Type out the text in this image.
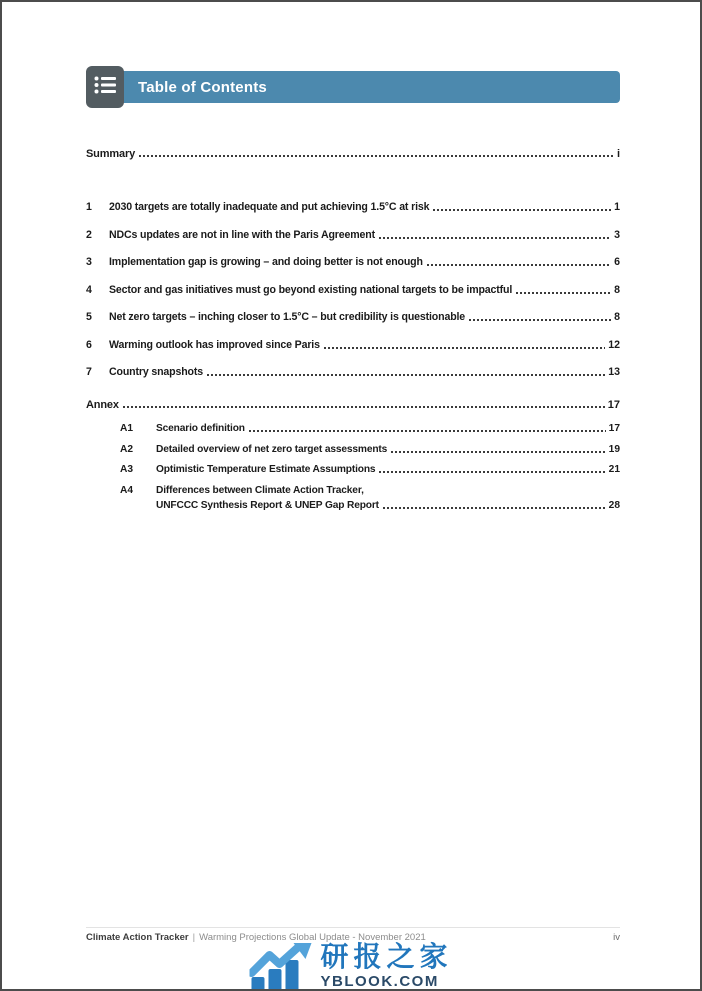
Table of Contents
Summary	i
1	2030 targets are totally inadequate and put achieving 1.5°C at risk	1
2	NDCs updates are not in line with the Paris Agreement	3
3	Implementation gap is growing – and doing better is not enough	6
4	Sector and gas initiatives must go beyond existing national targets to be impactful	8
5	Net zero targets – inching closer to 1.5°C – but credibility is questionable	8
6	Warming outlook has improved since Paris	12
7	Country snapshots	13
Annex	17
A1	Scenario definition	17
A2	Detailed overview of net zero target assessments	19
A3	Optimistic Temperature Estimate Assumptions	21
A4	Differences between Climate Action Tracker,
UNFCCC Synthesis Report & UNEP Gap Report	28
Climate Action Tracker | Warming Projections Global Update - November 2021	iv
研报之家
YBLOOK.COM
